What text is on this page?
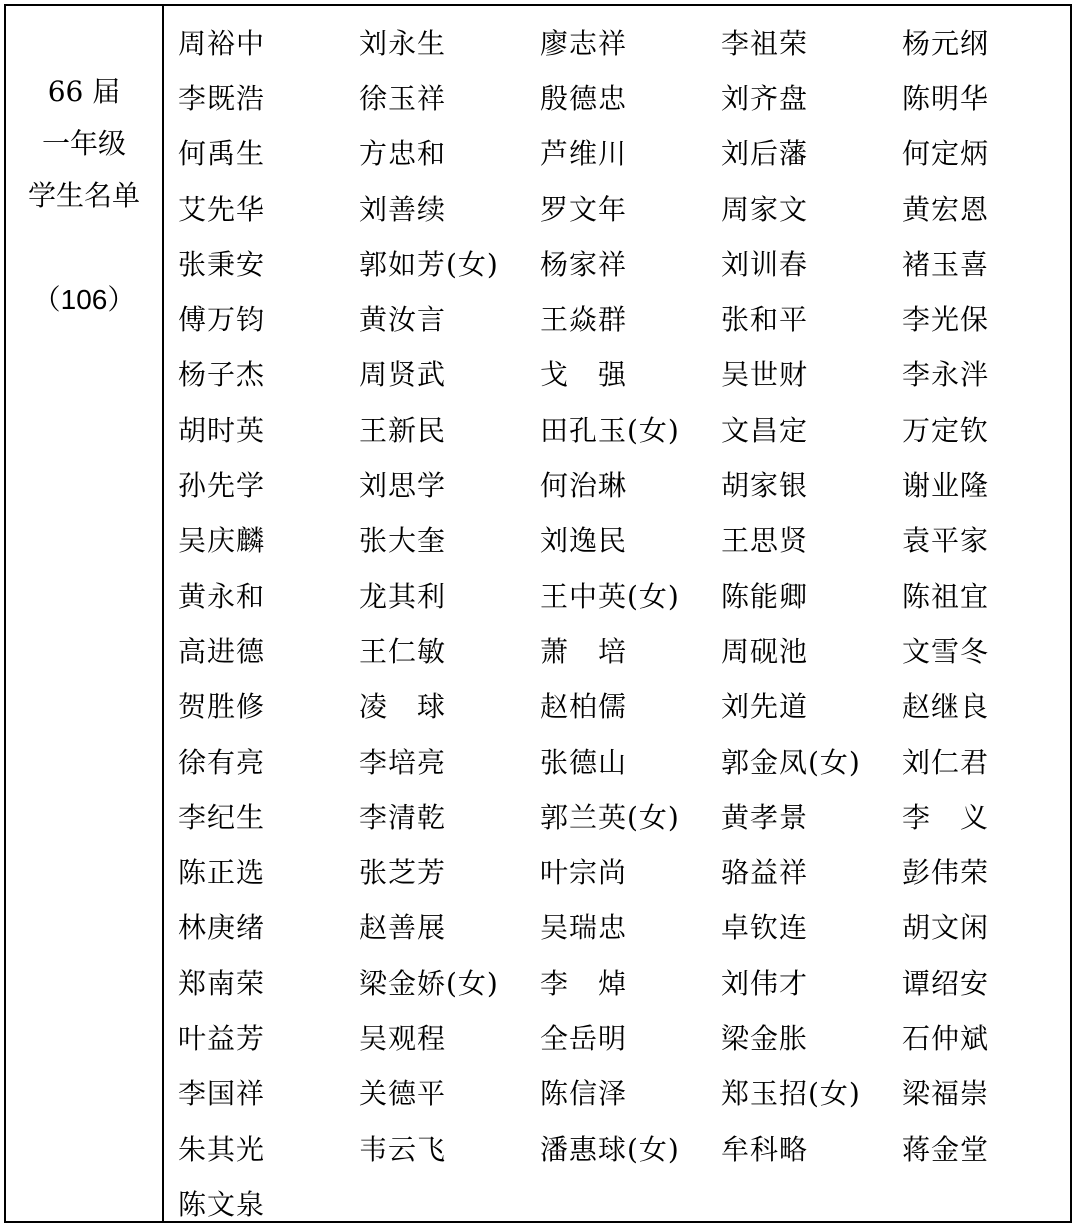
66 届
一年级
学生名单
（106）
周裕中	刘永生	廖志祥	李祖荣	杨元纲
李既浩	徐玉祥	殷德忠	刘齐盘	陈明华
何禹生	方忠和	芦维川	刘后藩	何定炳
艾先华	刘善续	罗文年	周家文	黄宏恩
张秉安	郭如芳(女)	杨家祥	刘训春	褚玉喜
傅万钧	黄汝言	王焱群	张和平	李光保
杨子杰	周贤武	戈　强	吴世财	李永泮
胡时英	王新民	田孔玉(女)	文昌定	万定钦
孙先学	刘思学	何治琳	胡家银	谢业隆
吴庆麟	张大奎	刘逸民	王思贤	袁平家
黄永和	龙其利	王中英(女)	陈能卿	陈祖宜
高进德	王仁敏	萧　培	周砚池	文雪冬
贺胜修	凌　球	赵柏儒	刘先道	赵继良
徐有亮	李培亮	张德山	郭金凤(女)	刘仁君
李纪生	李清乾	郭兰英(女)	黄孝景	李　义
陈正选	张芝芳	叶宗尚	骆益祥	彭伟荣
林庚绪	赵善展	吴瑞忠	卓钦连	胡文闲
郑南荣	梁金娇(女)	李　焯	刘伟才	谭绍安
叶益芳	吴观程	全岳明	梁金胀	石仲斌
李国祥	关德平	陈信泽	郑玉招(女)	梁福崇
朱其光	韦云飞	潘惠球(女)	牟科略	蒋金堂
陈文泉
